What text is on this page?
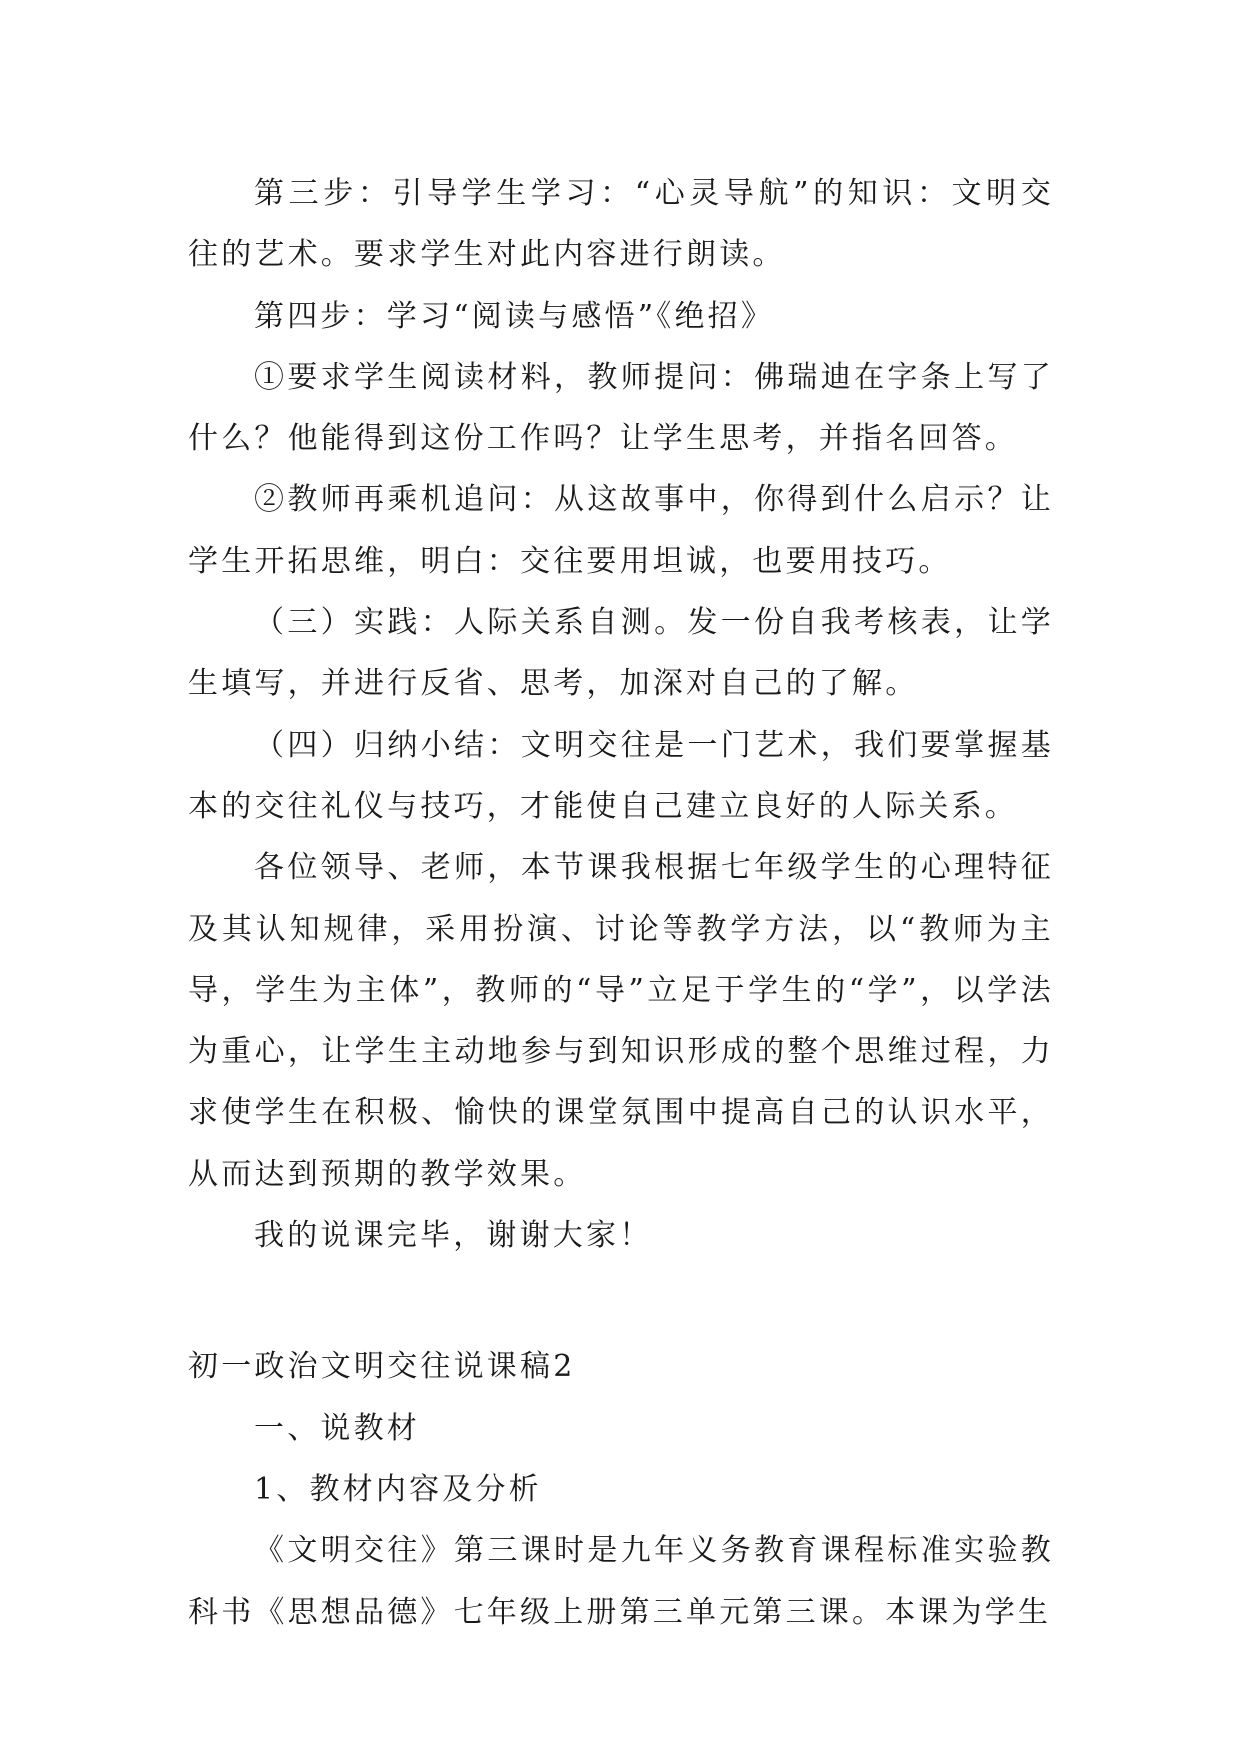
第三步：引导学生学习：“心灵导航”的知识：文明交往的艺术。要求学生对此内容进行朗读。

第四步：学习“阅读与感悟”《绝招》

①要求学生阅读材料，教师提问：佛瑞迪在字条上写了什么？他能得到这份工作吗？让学生思考，并指名回答。

②教师再乘机追问：从这故事中，你得到什么启示？让学生开拓思维，明白：交往要用坦诚，也要用技巧。

（三）实践：人际关系自测。发一份自我考核表，让学生填写，并进行反省、思考，加深对自己的了解。

（四）归纳小结：文明交往是一门艺术，我们要掌握基本的交往礼仪与技巧，才能使自己建立良好的人际关系。

各位领导、老师，本节课我根据七年级学生的心理特征及其认知规律，采用扮演、讨论等教学方法，以“教师为主导，学生为主体”，教师的“导”立足于学生的“学”，以学法为重心，让学生主动地参与到知识形成的整个思维过程，力求使学生在积极、愉快的课堂氛围中提高自己的认识水平，从而达到预期的教学效果。

我的说课完毕，谢谢大家！

初一政治文明交往说课稿2

一、说教材

1、教材内容及分析

《文明交往》第三课时是九年义务教育课程标准实验教科书《思想品德》七年级上册第三单元第三课。本课为学生
